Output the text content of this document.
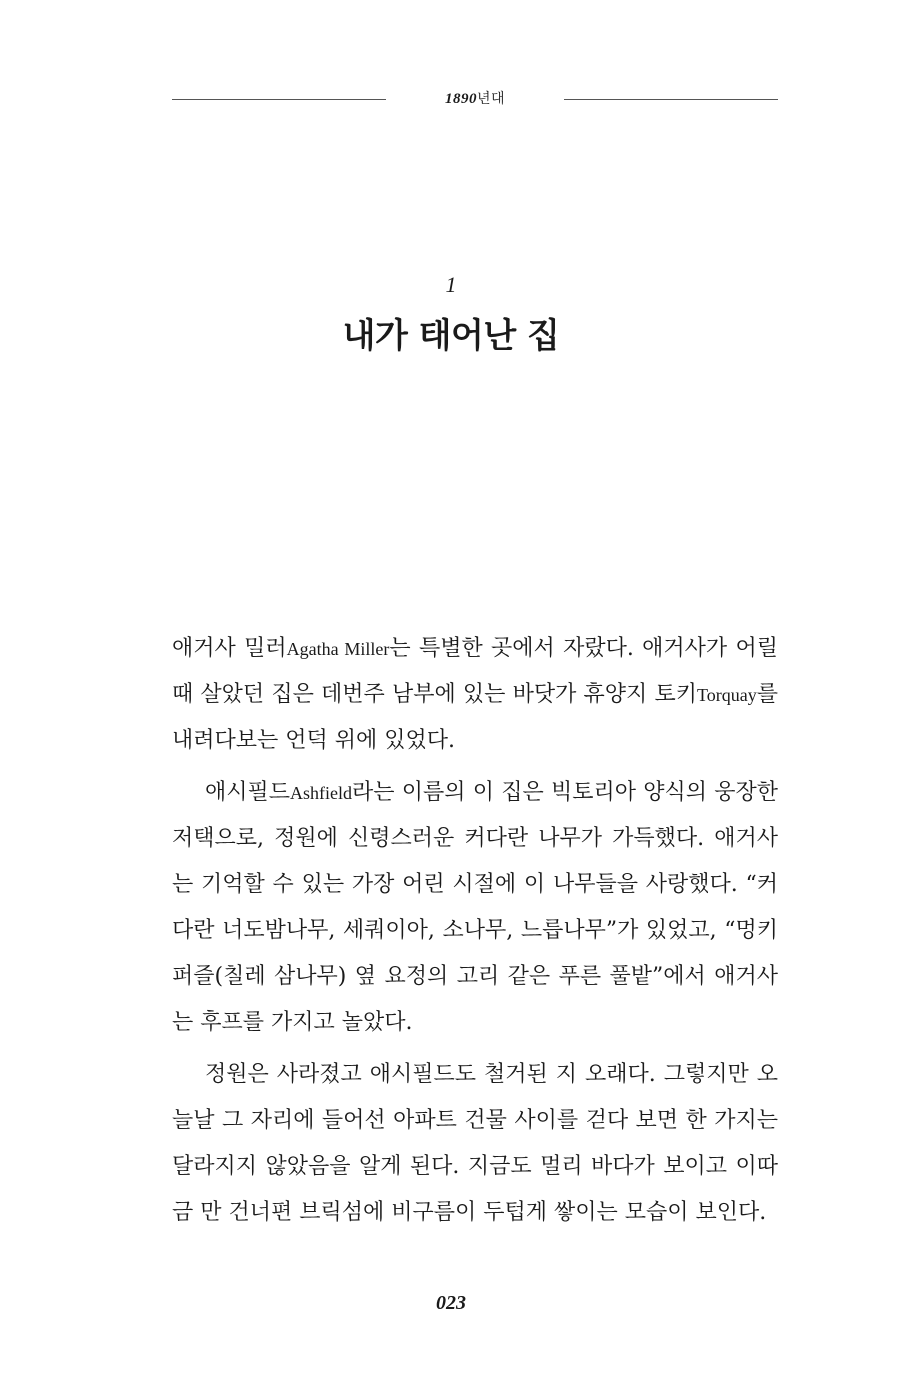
1890년대
1
내가 태어난 집

애거사 밀러Agatha Miller는 특별한 곳에서 자랐다. 애거사가 어릴 때 살았던 집은 데번주 남부에 있는 바닷가 휴양지 토키Torquay를 내려다보는 언덕 위에 있었다.

애시필드Ashfield라는 이름의 이 집은 빅토리아 양식의 웅장한 저택으로, 정원에 신령스러운 커다란 나무가 가득했다. 애거사는 기억할 수 있는 가장 어린 시절에 이 나무들을 사랑했다. “커다란 너도밤나무, 세쿼이아, 소나무, 느릅나무”가 있었고, “멍키 퍼즐(칠레 삼나무) 옆 요정의 고리 같은 푸른 풀밭”에서 애거사는 후프를 가지고 놀았다.

정원은 사라졌고 애시필드도 철거된 지 오래다. 그렇지만 오늘날 그 자리에 들어선 아파트 건물 사이를 걷다 보면 한 가지는 달라지지 않았음을 알게 된다. 지금도 멀리 바다가 보이고 이따금 만 건너편 브릭섬에 비구름이 두텁게 쌓이는 모습이 보인다.

023
